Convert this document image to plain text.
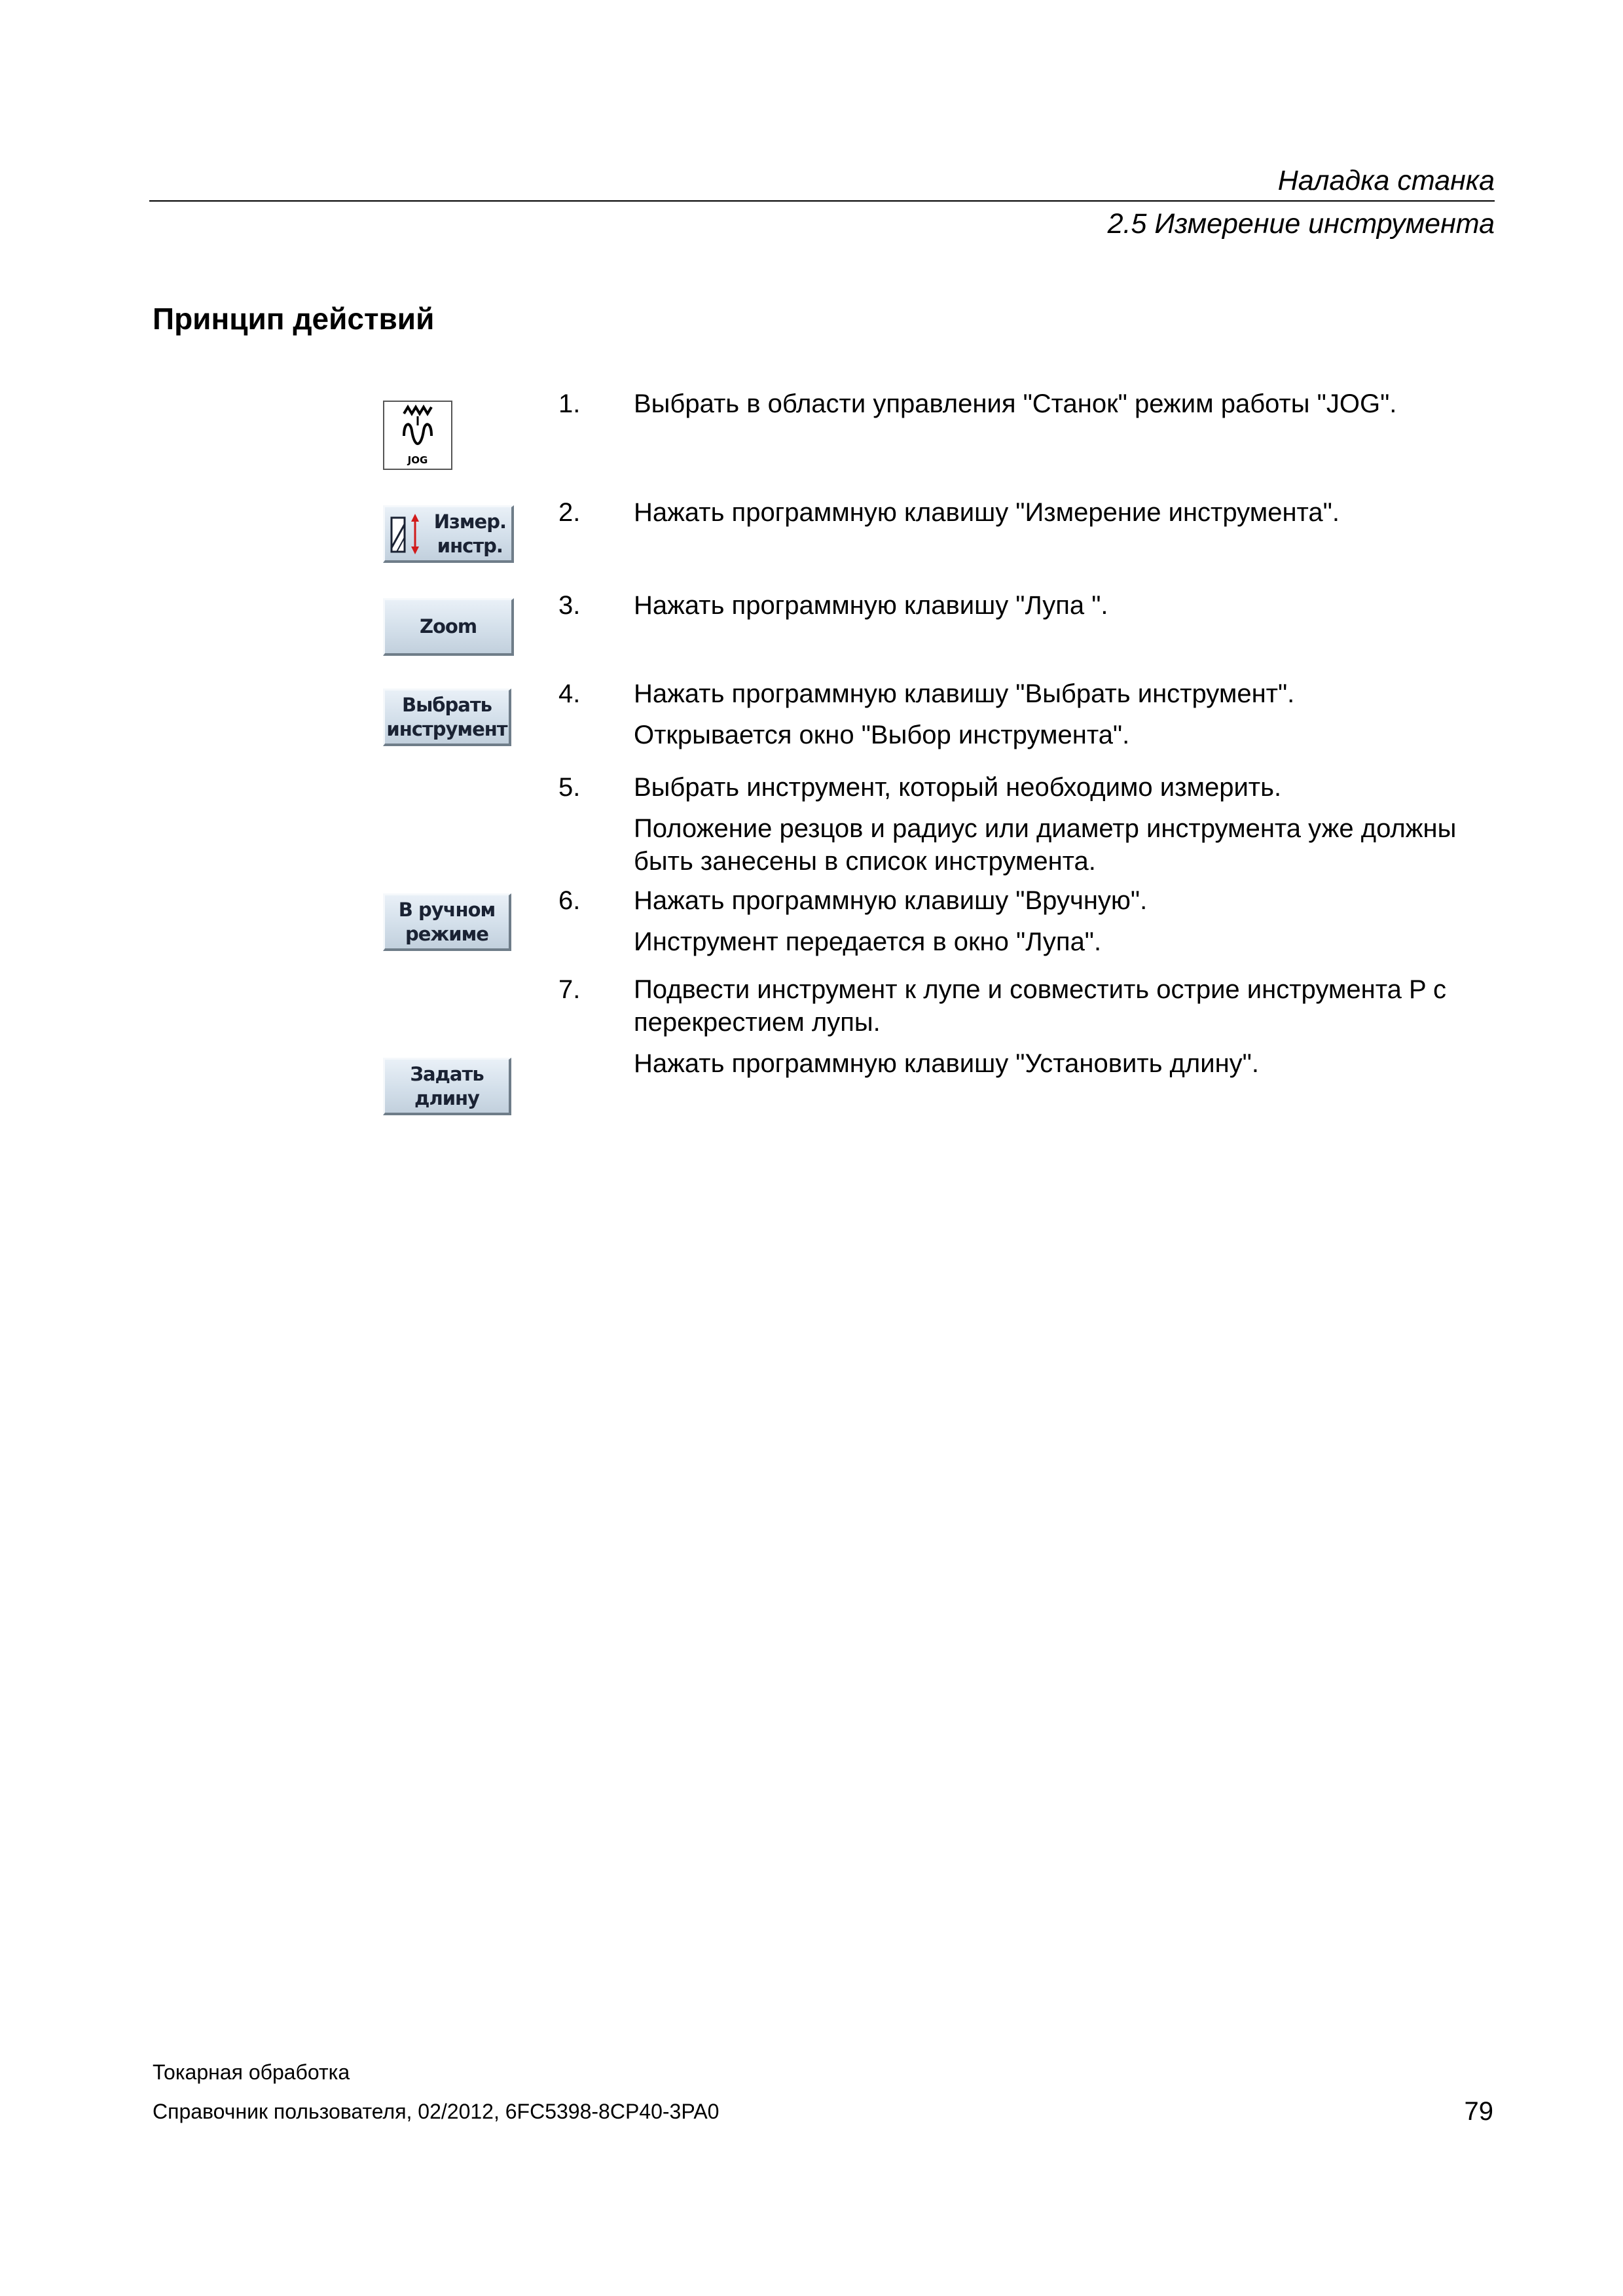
Наладка станка
2.5 Измерение инструмента
Принцип действий
JOG
Измер.
инстр.
Zoom
Выбрать
инструмент
В ручном
режиме
Задать
длину
1. Выбрать в области управления "Станок" режим работы "JOG".
2. Нажать программную клавишу "Измерение инструмента".
3. Нажать программную клавишу "Лупа ".
4. Нажать программную клавишу "Выбрать инструмент".
Открывается окно "Выбор инструмента".
5. Выбрать инструмент, который необходимо измерить.
Положение резцов и радиус или диаметр инструмента уже должны быть занесены в список инструмента.
6. Нажать программную клавишу "Вручную".
Инструмент передается в окно "Лупа".
7. Подвести инструмент к лупе и совместить острие инструмента P с перекрестием лупы.
Нажать программную клавишу "Установить длину".
Токарная обработка
Справочник пользователя, 02/2012, 6FC5398-8CP40-3PA0	79
